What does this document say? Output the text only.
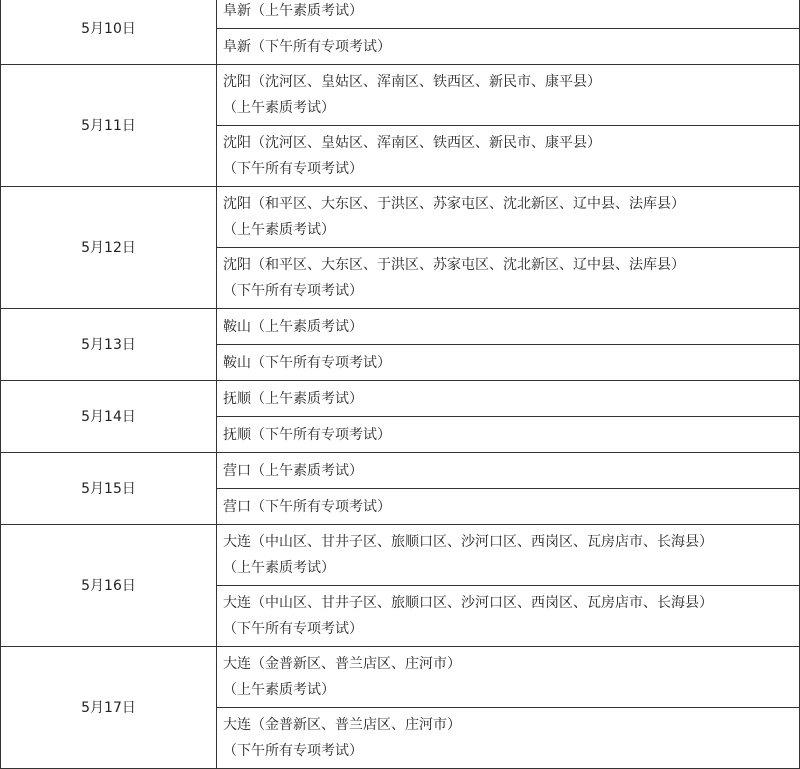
5月10日	阜新（上午素质考试）

	阜新（下午所有专项考试）

5月11日	沈阳（沈河区、皇姑区、浑南区、铁西区、新民市、康平县）
（上午素质考试）

	沈阳（沈河区、皇姑区、浑南区、铁西区、新民市、康平县）
（下午所有专项考试）

5月12日	沈阳（和平区、大东区、于洪区、苏家屯区、沈北新区、辽中县、法库县）
（上午素质考试）

	沈阳（和平区、大东区、于洪区、苏家屯区、沈北新区、辽中县、法库县）
（下午所有专项考试）

5月13日	鞍山（上午素质考试）

	鞍山（下午所有专项考试）

5月14日	抚顺（上午素质考试）

	抚顺（下午所有专项考试）

5月15日	营口（上午素质考试）

	营口（下午所有专项考试）

5月16日	大连（中山区、甘井子区、旅顺口区、沙河口区、西岗区、瓦房店市、长海县）
（上午素质考试）

	大连（中山区、甘井子区、旅顺口区、沙河口区、西岗区、瓦房店市、长海县）
（下午所有专项考试）

5月17日	大连（金普新区、普兰店区、庄河市）
（上午素质考试）

	大连（金普新区、普兰店区、庄河市）
（下午所有专项考试）
